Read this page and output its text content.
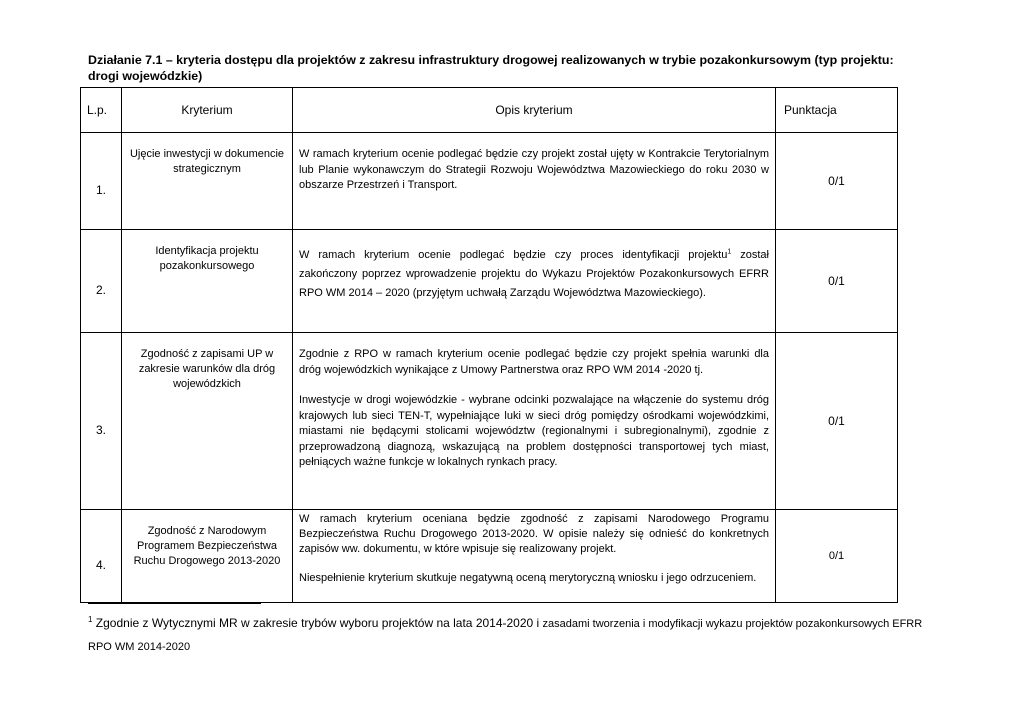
Działanie 7.1 – kryteria dostępu dla projektów z zakresu infrastruktury drogowej realizowanych w trybie pozakonkursowym (typ projektu: drogi wojewódzkie)
L.p.	Kryterium	Opis kryterium	Punktacja
1.	Ujęcie inwestycji w dokumencie strategicznym	W ramach kryterium ocenie podlegać będzie czy projekt został ujęty w Kontrakcie Terytorialnym lub Planie wykonawczym do Strategii Rozwoju Województwa Mazowieckiego do roku 2030 w obszarze Przestrzeń i Transport.	0/1
2.	Identyfikacja projektu pozakonkursowego	W ramach kryterium ocenie podlegać będzie czy proces identyfikacji projektu$^1$ został zakończony poprzez wprowadzenie projektu do Wykazu Projektów Pozakonkursowych EFRR RPO WM 2014 – 2020 (przyjętym uchwałą Zarządu Województwa Mazowieckiego).	0/1
3.	Zgodność z zapisami UP w zakresie warunków dla dróg wojewódzkich	Zgodnie z RPO w ramach kryterium ocenie podlegać będzie czy projekt spełnia warunki dla dróg wojewódzkich wynikające z Umowy Partnerstwa oraz RPO WM 2014 -2020 tj.

Inwestycje w drogi wojewódzkie - wybrane odcinki pozwalające na włączenie do systemu dróg krajowych lub sieci TEN-T, wypełniające luki w sieci dróg pomiędzy ośrodkami wojewódzkimi, miastami nie będącymi stolicami województw (regionalnymi i subregionalnymi), zgodnie z przeprowadzoną diagnozą, wskazującą na problem dostępności transportowej tych miast, pełniących ważne funkcje w lokalnych rynkach pracy.	0/1
4.	Zgodność z Narodowym Programem Bezpieczeństwa Ruchu Drogowego 2013-2020	W ramach kryterium oceniana będzie zgodność z zapisami Narodowego Programu Bezpieczeństwa Ruchu Drogowego 2013-2020. W opisie należy się odnieść do konkretnych zapisów ww. dokumentu, w które wpisuje się realizowany projekt.

Niespełnienie kryterium skutkuje negatywną oceną merytoryczną wniosku i jego odrzuceniem.	0/1
$^1$ Zgodnie z Wytycznymi MR w zakresie trybów wyboru projektów na lata 2014-2020 i zasadami tworzenia i modyfikacji wykazu projektów pozakonkursowych EFRR RPO WM 2014-2020
